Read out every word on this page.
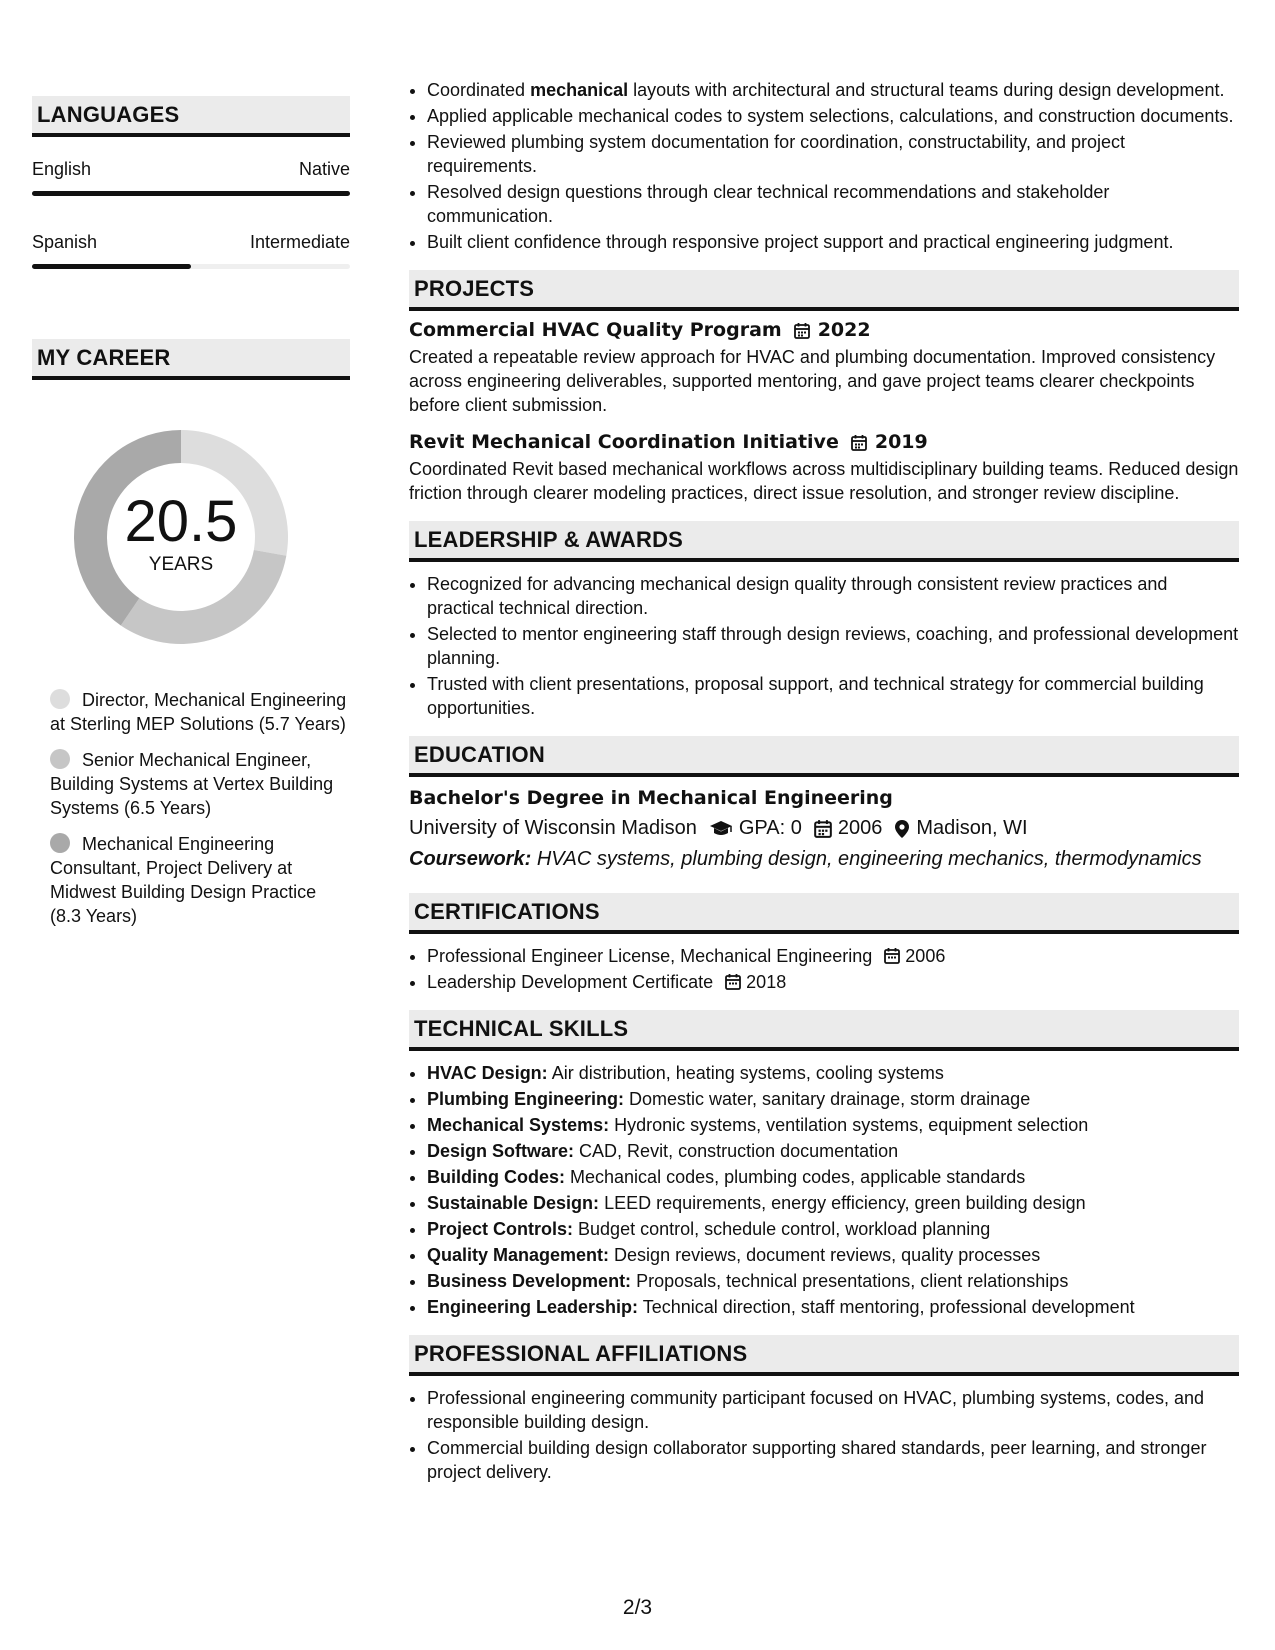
LANGUAGES
English	Native
Spanish	Intermediate
MY CAREER
20.5
YEARS
Director, Mechanical Engineering at Sterling MEP Solutions (5.7 Years)
Senior Mechanical Engineer, Building Systems at Vertex Building Systems (6.5 Years)
Mechanical Engineering Consultant, Project Delivery at Midwest Building Design Practice (8.3 Years)
• Coordinated mechanical layouts with architectural and structural teams during design development.
• Applied applicable mechanical codes to system selections, calculations, and construction documents.
• Reviewed plumbing system documentation for coordination, constructability, and project requirements.
• Resolved design questions through clear technical recommendations and stakeholder communication.
• Built client confidence through responsive project support and practical engineering judgment.
PROJECTS
Commercial HVAC Quality Program 2022
Created a repeatable review approach for HVAC and plumbing documentation. Improved consistency across engineering deliverables, supported mentoring, and gave project teams clearer checkpoints before client submission.
Revit Mechanical Coordination Initiative 2019
Coordinated Revit based mechanical workflows across multidisciplinary building teams. Reduced design friction through clearer modeling practices, direct issue resolution, and stronger review discipline.
LEADERSHIP & AWARDS
• Recognized for advancing mechanical design quality through consistent review practices and practical technical direction.
• Selected to mentor engineering staff through design reviews, coaching, and professional development planning.
• Trusted with client presentations, proposal support, and technical strategy for commercial building opportunities.
EDUCATION
Bachelor's Degree in Mechanical Engineering
University of Wisconsin Madison GPA: 0 2006 Madison, WI
Coursework: HVAC systems, plumbing design, engineering mechanics, thermodynamics
CERTIFICATIONS
• Professional Engineer License, Mechanical Engineering 2006
• Leadership Development Certificate 2018
TECHNICAL SKILLS
• HVAC Design: Air distribution, heating systems, cooling systems
• Plumbing Engineering: Domestic water, sanitary drainage, storm drainage
• Mechanical Systems: Hydronic systems, ventilation systems, equipment selection
• Design Software: CAD, Revit, construction documentation
• Building Codes: Mechanical codes, plumbing codes, applicable standards
• Sustainable Design: LEED requirements, energy efficiency, green building design
• Project Controls: Budget control, schedule control, workload planning
• Quality Management: Design reviews, document reviews, quality processes
• Business Development: Proposals, technical presentations, client relationships
• Engineering Leadership: Technical direction, staff mentoring, professional development
PROFESSIONAL AFFILIATIONS
• Professional engineering community participant focused on HVAC, plumbing systems, codes, and responsible building design.
• Commercial building design collaborator supporting shared standards, peer learning, and stronger project delivery.
2/3
